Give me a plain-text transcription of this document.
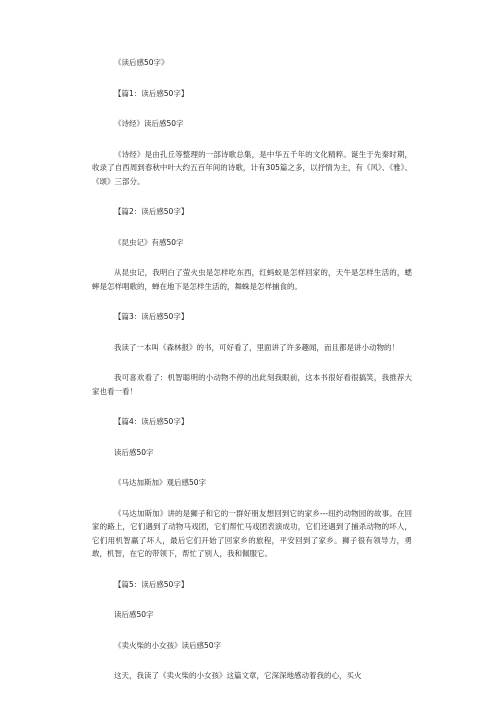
《读后感50字》

【篇1：读后感50字】

《诗经》读后感50字

《诗经》是由孔丘等整理的一部诗歌总集，是中华五千年的文化精粹。诞生于先秦时期，收录了自西周到春秋中叶大约五百年间的诗歌，计有305篇之多，以抒情为主，有《风》、《雅》、《颂》三部分。

【篇2：读后感50字】

《昆虫记》有感50字

从昆虫记，我明白了萤火虫是怎样吃东西，红蚂蚁是怎样回家的，天牛是怎样生活的，蟋蟀是怎样唱歌的，蝉在地下是怎样生活的，舞蛛是怎样捕食的。

【篇3：读后感50字】

我读了一本叫《森林报》的书，可好看了，里面讲了许多趣闻，而且都是讲小动物的！

我可喜欢看了：机智聪明的小动物不停的出此刻我眼前，这本书很好看很搞笑，我推荐大家也看一看！

【篇4：读后感50字】

读后感50字

《马达加斯加》观后感50字

《马达加斯加》讲的是狮子和它的一群好朋友想回到它的家乡---纽约动物园的故事。在回家的路上，它们遇到了动物马戏团，它们帮忙马戏团表演成功，它们还遇到了捕杀动物的坏人，它们用机智赢了坏人，最后它们开始了回家乡的旅程，平安回到了家乡。狮子很有领导力，勇敢，机智，在它的带领下，帮忙了别人，我和佩服它。

【篇5：读后感50字】

读后感50字

《卖火柴的小女孩》读后感50字

这天，我读了《卖火柴的小女孩》这篇文章，它深深地感动着我的心，买火
